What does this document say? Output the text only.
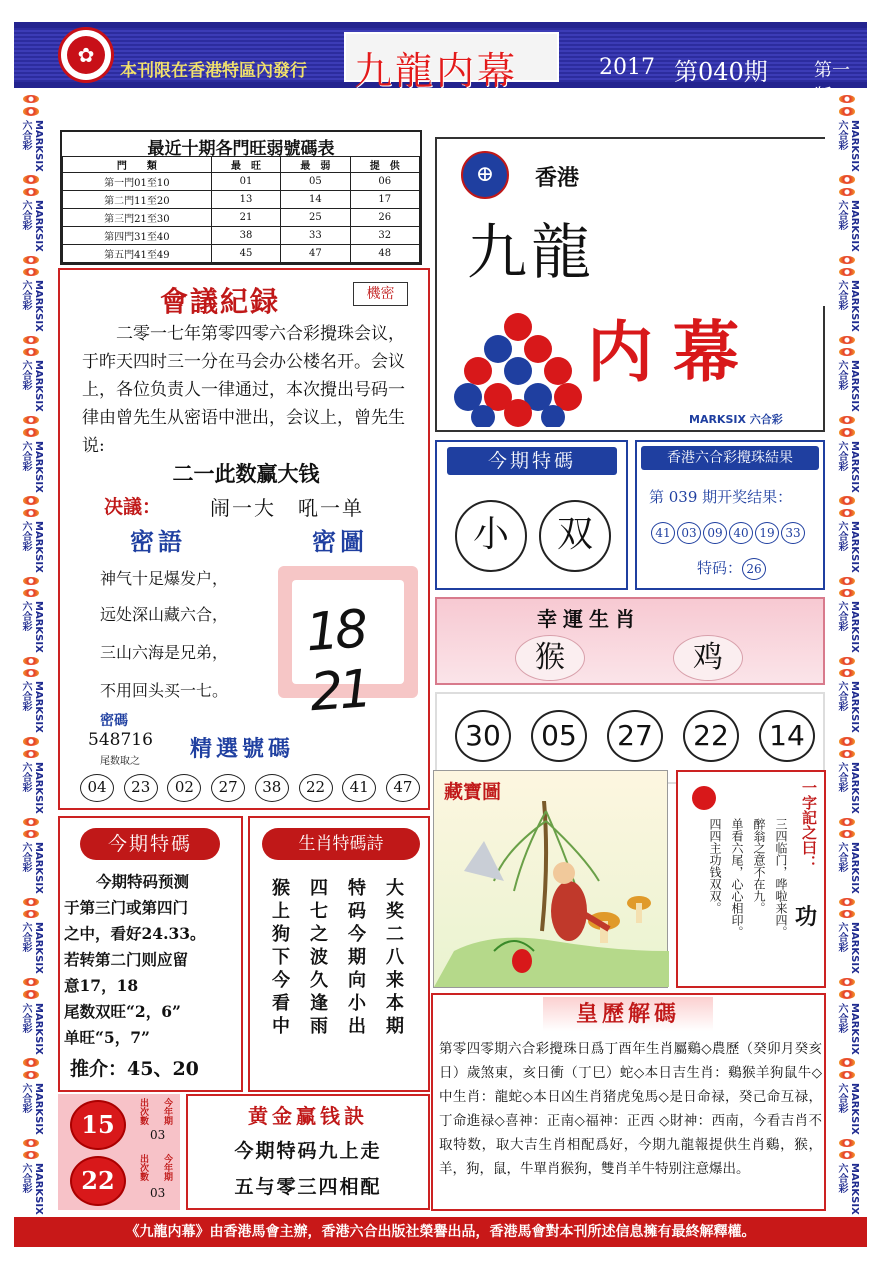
✿
本刊限在香港特區內發行 九龍内幕	2017 第040期	第一版
MARKSIX 六合彩
MARKSIX 六合彩
MARKSIX 六合彩
MARKSIX 六合彩
MARKSIX 六合彩
MARKSIX 六合彩
MARKSIX 六合彩
MARKSIX 六合彩
MARKSIX 六合彩
MARKSIX 六合彩
MARKSIX 六合彩
MARKSIX 六合彩
MARKSIX 六合彩
MARKSIX 六合彩
MARKSIX 六合彩
MARKSIX 六合彩
MARKSIX 六合彩
MARKSIX 六合彩
MARKSIX 六合彩
MARKSIX 六合彩
MARKSIX 六合彩
MARKSIX 六合彩
MARKSIX 六合彩
MARKSIX 六合彩
MARKSIX 六合彩
MARKSIX 六合彩
MARKSIX 六合彩
MARKSIX 六合彩
最近十期各門旺弱號碼表
門　　類	最　旺	最　弱	提　供
第一門01至10	01	05	06
第二門11至20	13	14	17
第三門21至30	21	25	26
第四門31至40	38	33	32
第五門41至49	45	47	48
會議紀録	機密
二零一七年第零四零六合彩攪珠会议，于昨天四时三一分在马会办公楼名开。会议上，各位负责人一律通过，本次攪出号码一律由曾先生从密语中泄出，会议上，曾先生说:
二一此数赢大钱
决議： 闹一大　吼一单
密語	密圖
神气十足爆发户，
远处深山藏六合，
三山六海是兄弟，
不用回头买一七。
18 21
密碼
548716
尾数取之 精選號碼
04	23	02	27	38	22	41	47
⊕	香港
九龍
内幕
MARKSIX 六合彩
今期特碼
小	双
香港六合彩攪珠結果
第 039 期开奖结果：
41 03 09 40 19 33
特码： 26
幸運生肖
猴	鸡
30	05	27	22	14
藏寶圖
三四临门，哗啦来四。
醉翁之意不在九。
单看六尾，心心相印。
四四主功钱双双。	一字記之曰：
功
皇歷解碼
第零四零期六合彩攪珠日爲丁酉年生肖屬鷄◇農歷（癸卯月癸亥日）歲煞東，亥日衝（丁巳）蛇◇本日吉生肖：鷄猴羊狗鼠牛◇中生肖：龍蛇◇本日凶生肖猪虎兔馬◇是日命禄，癸己命互禄，丁命進禄◇喜神：正南◇福神：正西 ◇財神：西南，今看吉肖不取特数，取大吉生肖相配爲好，今期九龍報提供生肖鷄，猴，羊，狗，鼠，牛單肖猴狗，雙肖羊牛特别注意爆出。
今期特碼
今期特码预测
于第三门或第四门
之中，看好24.33。
若转第二门则应留
意17，18
尾数双旺“2，6”
单旺“5，7”
推介：45、20
生肖特碼詩
大奖二八来本期
特码今期向小出
四七之波久逢雨
猴上狗下今看中
15	出次數	今年期
03
22	出次數	今年期
03
黄金赢钱訣
今期特码九上走
五与零三四相配
《九龍内幕》由香港馬會主辦，香港六合出版社榮譽出品，香港馬會對本刊所述信息擁有最終解釋權。
